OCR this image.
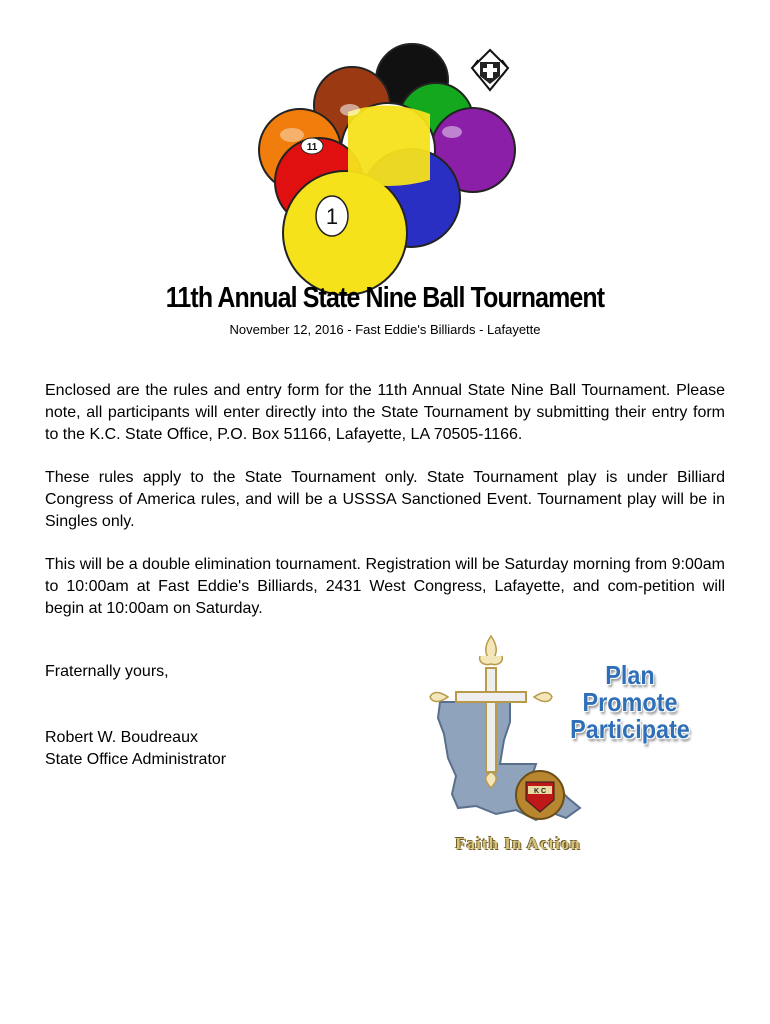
11
1
11th Annual State Nine Ball Tournament
November 12, 2016 - Fast Eddie's Billiards - Lafayette

Enclosed are the rules and entry form for the 11th Annual State Nine Ball Tournament. Please note, all participants will enter directly into the State Tournament by submitting their entry form to the K.C. State Office, P.O. Box 51166, Lafayette, LA 70505-1166.

These rules apply to the State Tournament only. State Tournament play is under Billiard Congress of America rules, and will be a USSSA Sanctioned Event. Tournament play will be in Singles only.

This will be a double elimination tournament. Registration will be Saturday morning from 9:00am to 10:00am at Fast Eddie's Billiards, 2431 West Congress, Lafayette, and com-petition will begin at 10:00am on Saturday.

Fraternally yours,
Robert W. Boudreaux
State Office Administrator
K C
Plan
Promote
Participate
Faith In Action
